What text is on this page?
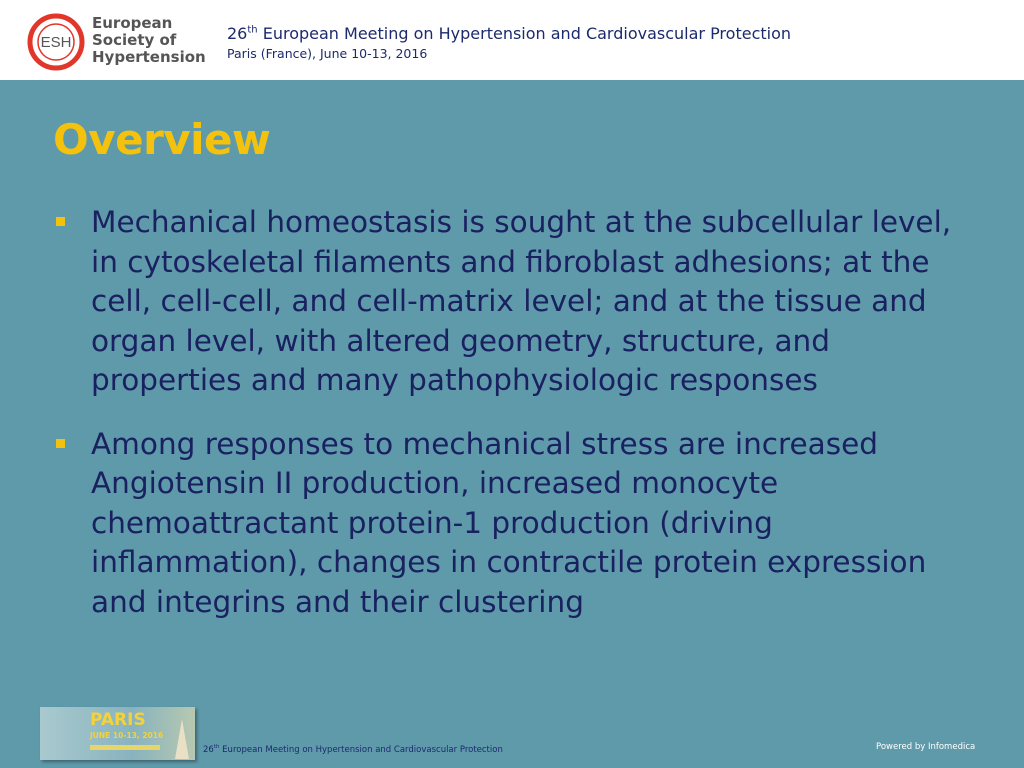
ESH
European
Society of
Hypertension
26th European Meeting on Hypertension and Cardiovascular Protection
Paris (France), June 10-13, 2016
Overview
Mechanical homeostasis is sought at the subcellular level, in cytoskeletal filaments and fibroblast adhesions; at the cell, cell-cell, and cell-matrix level; and at the tissue and organ level, with altered geometry, structure, and properties and many pathophysiologic responses
Among responses to mechanical stress are increased Angiotensin II production, increased monocyte chemoattractant protein-1 production (driving inflammation), changes in contractile protein expression and integrins and their clustering
PARIS
JUNE 10-13, 2016
26th European Meeting on Hypertension and Cardiovascular Protection	Powered by Infomedica
